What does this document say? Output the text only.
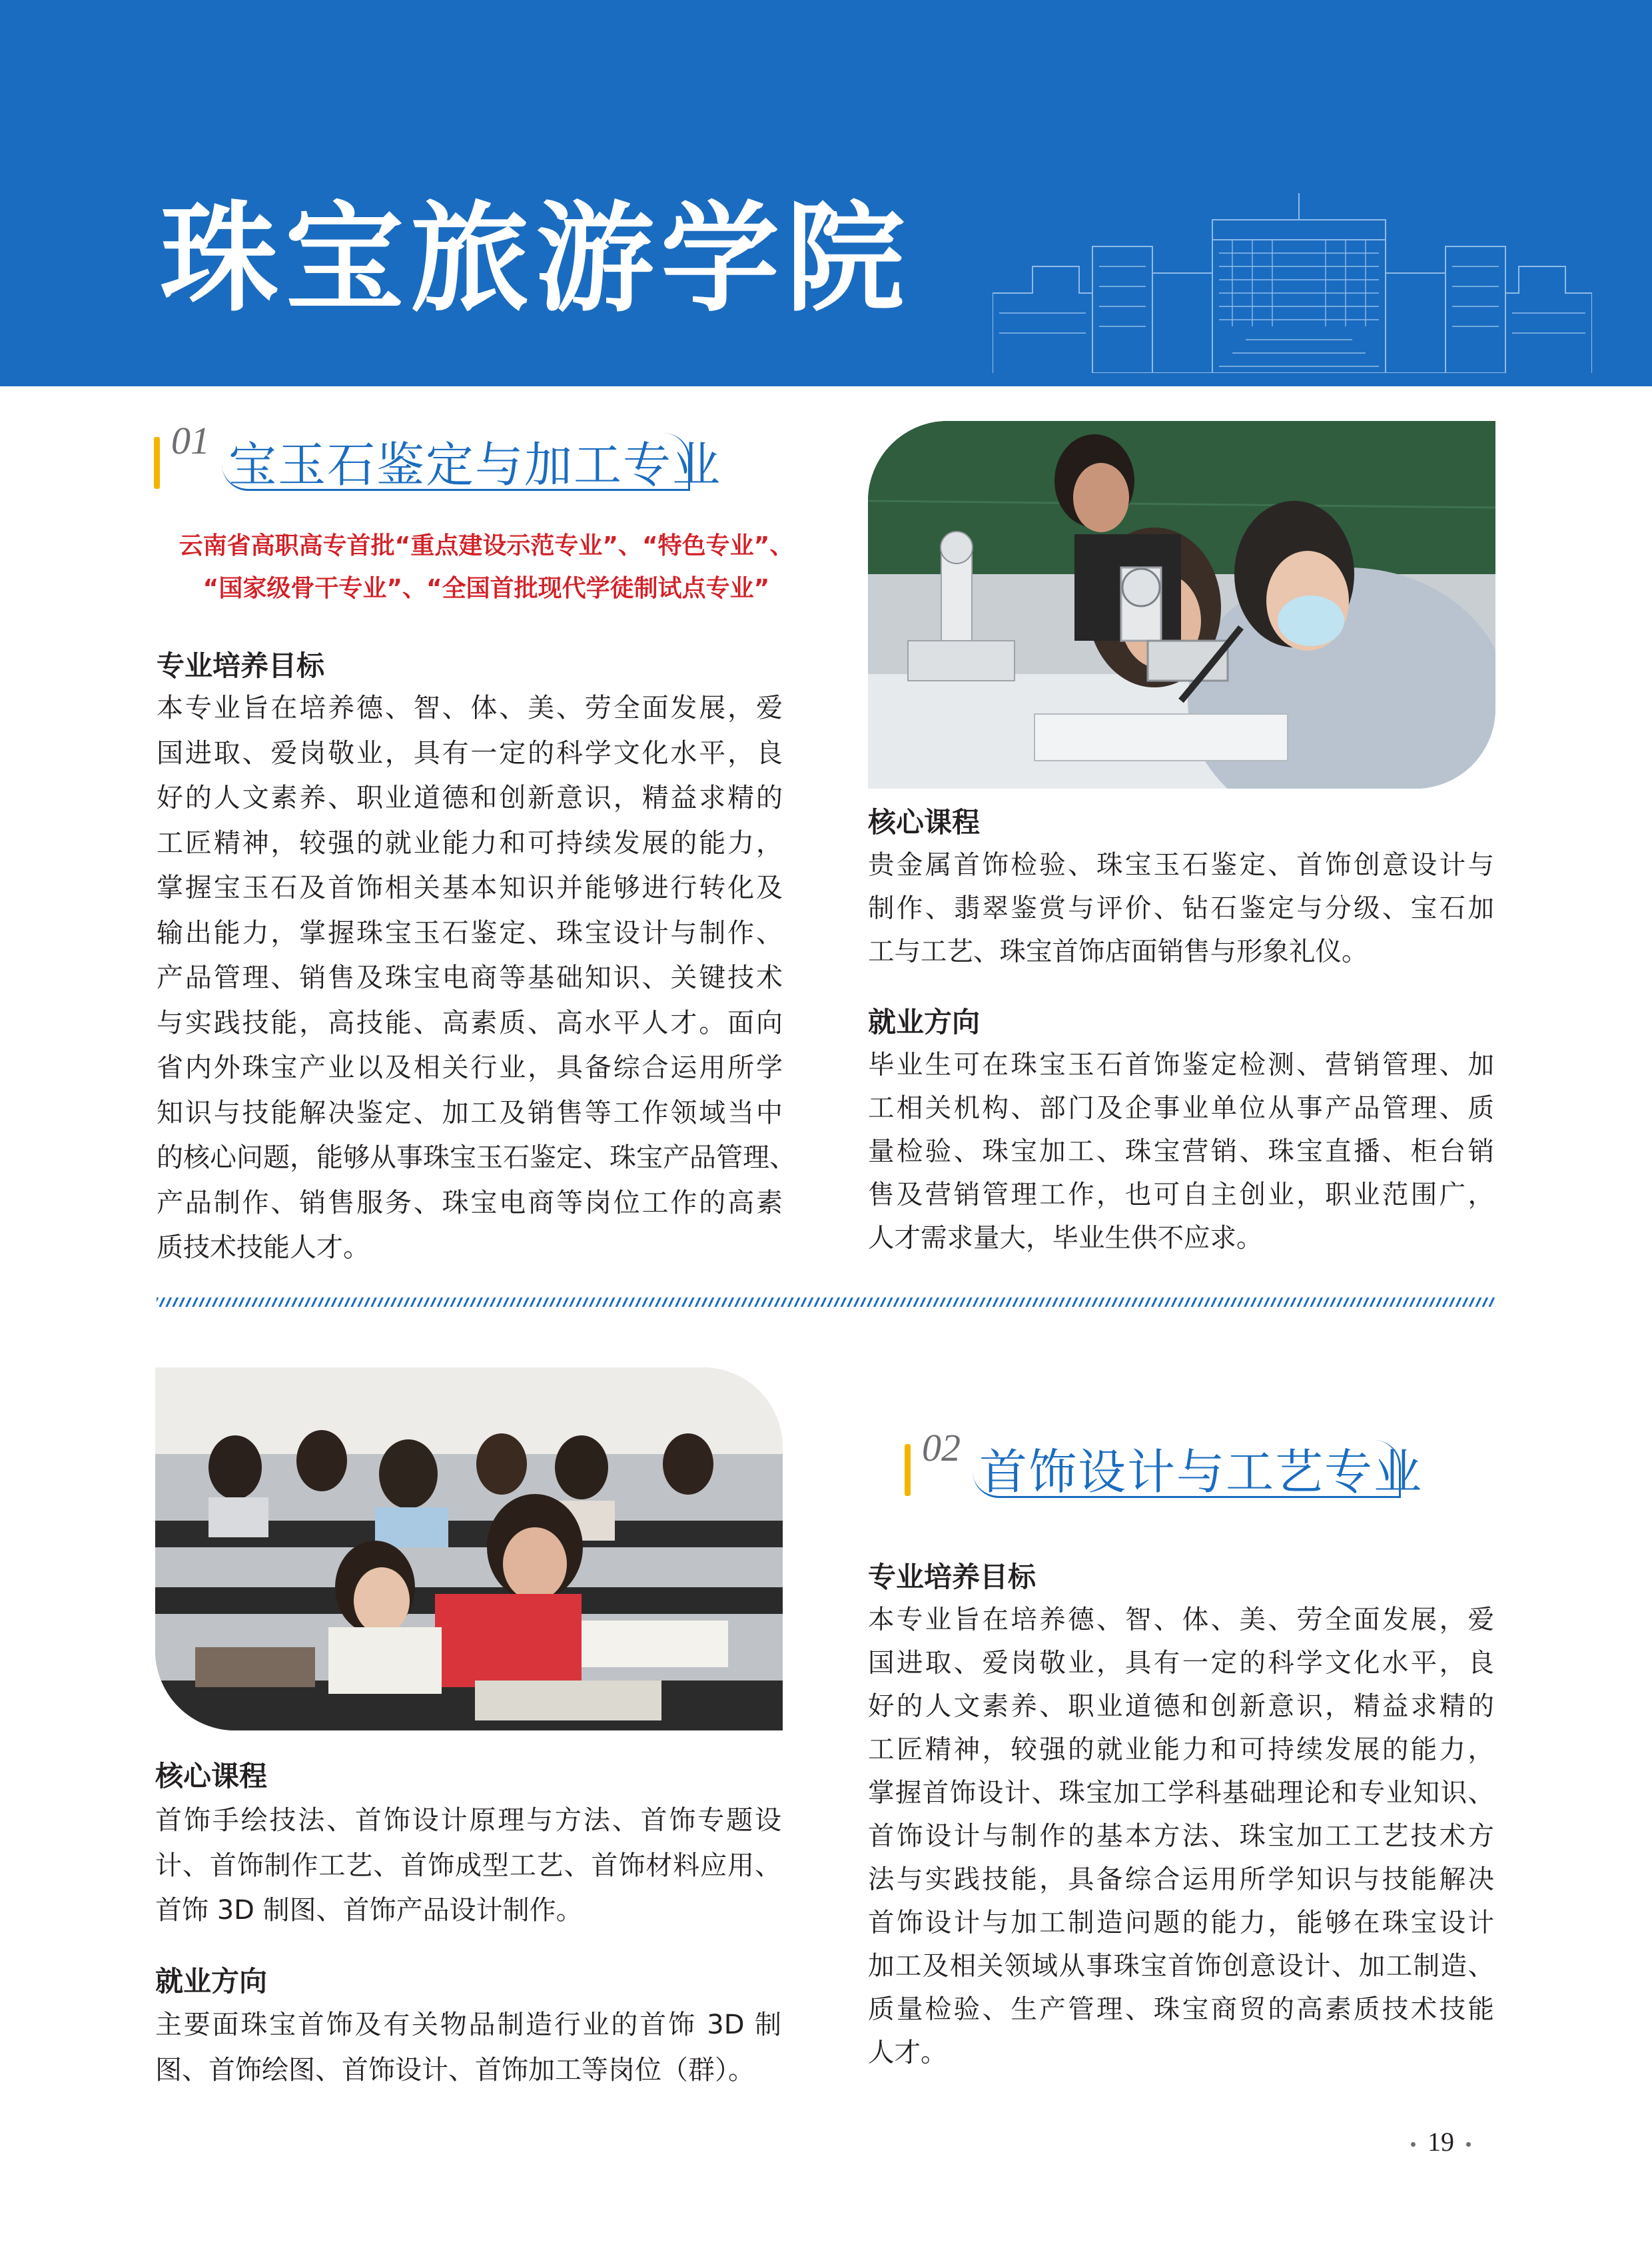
珠宝旅游学院
01 宝玉石鉴定与加工专业
云南省高职高专首批“重点建设示范专业”、“特色专业”、
“国家级骨干专业”、“全国首批现代学徒制试点专业”
专业培养目标
本专业旨在培养德、智、体、美、劳全面发展，爱
国进取、爱岗敬业，具有一定的科学文化水平，良
好的人文素养、职业道德和创新意识，精益求精的
工匠精神，较强的就业能力和可持续发展的能力，
掌握宝玉石及首饰相关基本知识并能够进行转化及
输出能力，掌握珠宝玉石鉴定、珠宝设计与制作、
产品管理、销售及珠宝电商等基础知识、关键技术
与实践技能，高技能、高素质、高水平人才。面向
省内外珠宝产业以及相关行业，具备综合运用所学
知识与技能解决鉴定、加工及销售等工作领域当中
的核心问题，能够从事珠宝玉石鉴定、珠宝产品管理、
产品制作、销售服务、珠宝电商等岗位工作的高素
质技术技能人才。
核心课程
贵金属首饰检验、珠宝玉石鉴定、首饰创意设计与
制作、翡翠鉴赏与评价、钻石鉴定与分级、宝石加
工与工艺、珠宝首饰店面销售与形象礼仪。
就业方向
毕业生可在珠宝玉石首饰鉴定检测、营销管理、加
工相关机构、部门及企事业单位从事产品管理、质
量检验、珠宝加工、珠宝营销、珠宝直播、柜台销
售及营销管理工作，也可自主创业，职业范围广，
人才需求量大，毕业生供不应求。
02 首饰设计与工艺专业
专业培养目标
本专业旨在培养德、智、体、美、劳全面发展，爱
国进取、爱岗敬业，具有一定的科学文化水平，良
好的人文素养、职业道德和创新意识，精益求精的
工匠精神，较强的就业能力和可持续发展的能力，
掌握首饰设计、珠宝加工学科基础理论和专业知识、
首饰设计与制作的基本方法、珠宝加工工艺技术方
法与实践技能，具备综合运用所学知识与技能解决
首饰设计与加工制造问题的能力，能够在珠宝设计
加工及相关领域从事珠宝首饰创意设计、加工制造、
质量检验、生产管理、珠宝商贸的高素质技术技能
人才。
核心课程
首饰手绘技法、首饰设计原理与方法、首饰专题设
计、首饰制作工艺、首饰成型工艺、首饰材料应用、
首饰 3D 制图、首饰产品设计制作。
就业方向
主要面珠宝首饰及有关物品制造行业的首饰 3D 制
图、首饰绘图、首饰设计、首饰加工等岗位（群）。
19
